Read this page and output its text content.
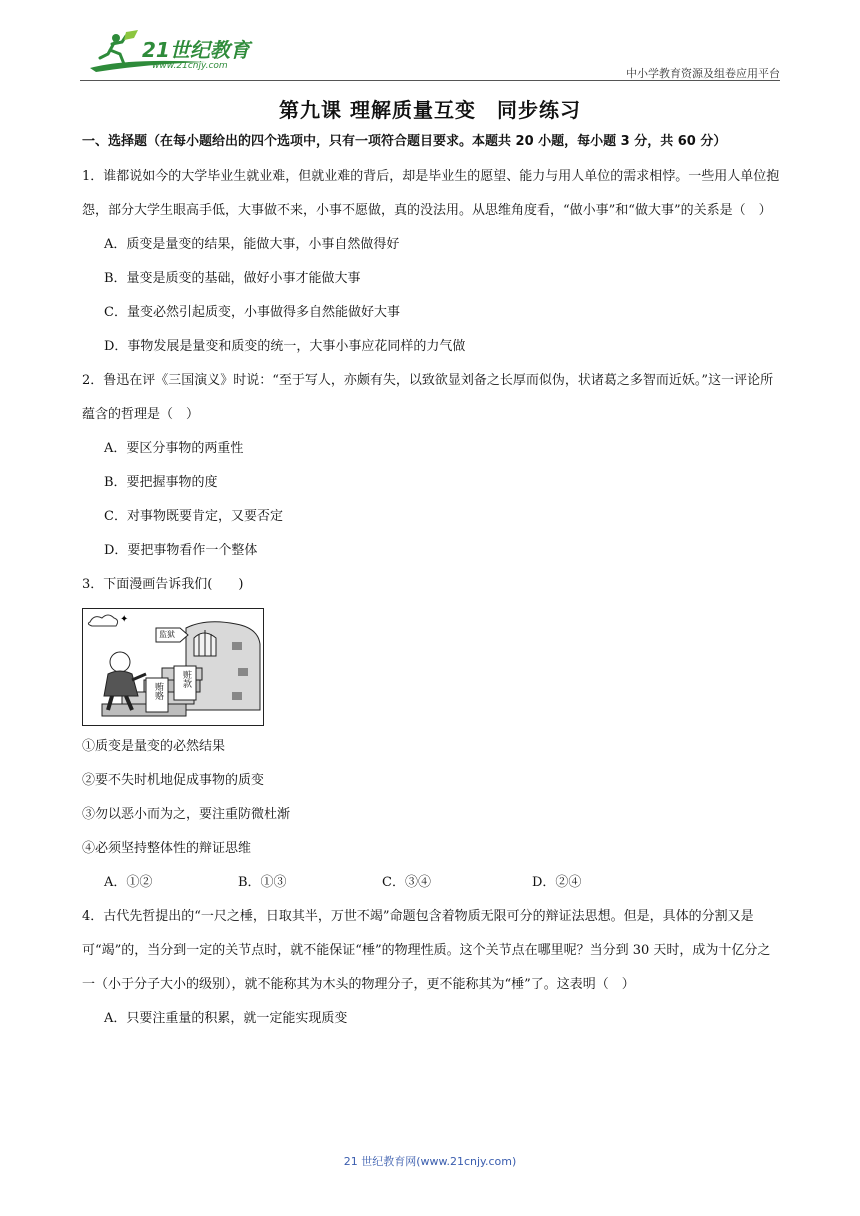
21世纪教育
www.21cnjy.com
中小学教育资源及组卷应用平台
第九课 理解质量互变　同步练习
一、选择题（在每小题给出的四个选项中，只有一项符合题目要求。本题共 20 小题，每小题 3 分，共 60 分）

1．谁都说如今的大学毕业生就业难，但就业难的背后，却是毕业生的愿望、能力与用人单位的需求相悖。一些用人单位抱怨，部分大学生眼高手低，大事做不来，小事不愿做，真的没法用。从思维角度看，“做小事”和“做大事”的关系是（　）

A．质变是量变的结果，能做大事，小事自然做得好
B．量变是质变的基础，做好小事才能做大事
C．量变必然引起质变，小事做得多自然能做好大事
D．事物发展是量变和质变的统一，大事小事应花同样的力气做

2．鲁迅在评《三国演义》时说：“至于写人，亦颇有失，以致欲显刘备之长厚而似伪，状诸葛之多智而近妖。”这一评论所蕴含的哲理是（　）

A．要区分事物的两重性
B．要把握事物的度
C．对事物既要肯定，又要否定
D．要把事物看作一个整体

3．下面漫画告诉我们(　　)

✦
监狱
贿赂
赃款

①质变是量变的必然结果

②要不失时机地促成事物的质变

③勿以恶小而为之，要注重防微杜渐

④必须坚持整体性的辩证思维

A．①②	B．①③	C．③④	D．②④

4．古代先哲提出的“一尺之棰，日取其半，万世不竭”命题包含着物质无限可分的辩证法思想。但是，具体的分割又是可“竭”的，当分到一定的关节点时，就不能保证“棰”的物理性质。这个关节点在哪里呢？当分到 30 天时，成为十亿分之一（小于分子大小的级别），就不能称其为木头的物理分子，更不能称其为“棰”了。这表明（　）

A．只要注重量的积累，就一定能实现质变
21 世纪教育网(www.21cnjy.com)
